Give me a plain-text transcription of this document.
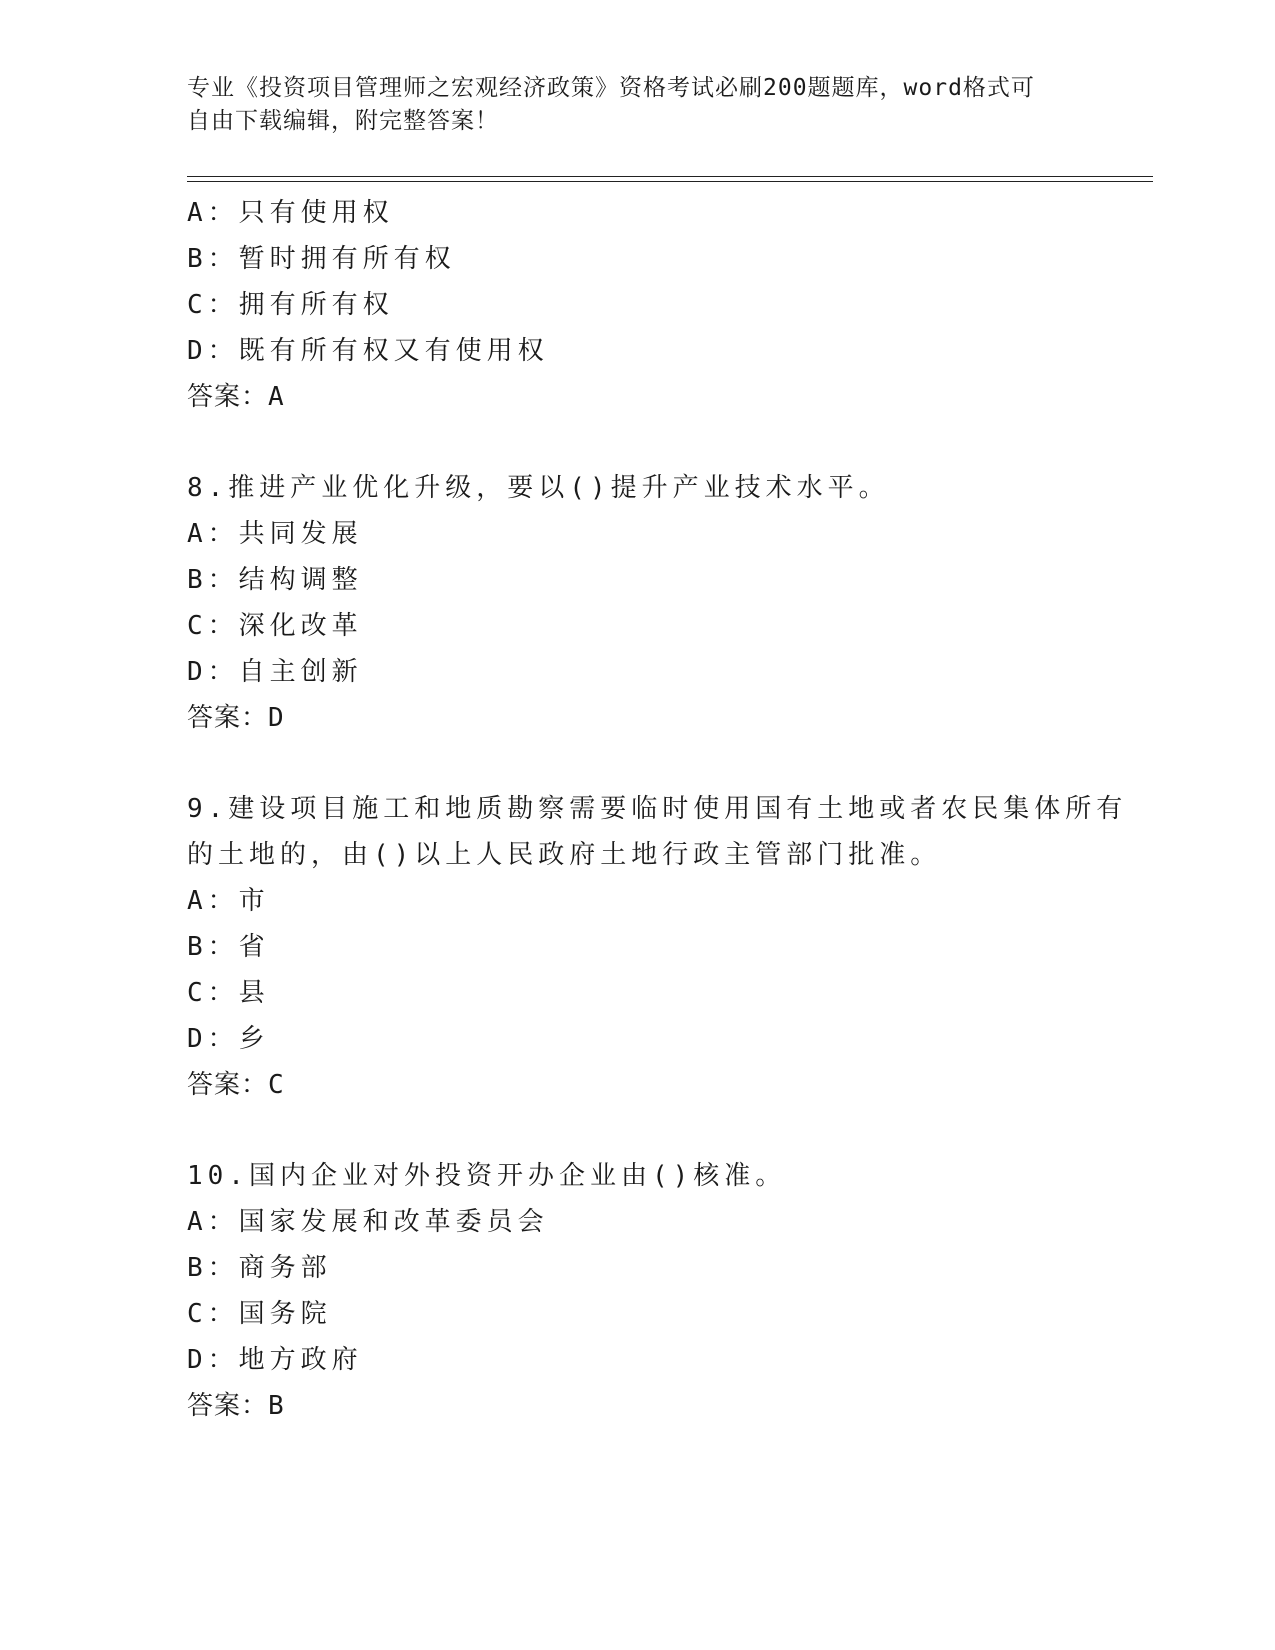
专业《投资项目管理师之宏观经济政策》资格考试必刷200题题库，word格式可
自由下载编辑，附完整答案！
A：只有使用权
B：暂时拥有所有权
C：拥有所有权
D：既有所有权又有使用权
答案：A
8.推进产业优化升级，要以()提升产业技术水平。
A：共同发展
B：结构调整
C：深化改革
D：自主创新
答案：D
9.建设项目施工和地质勘察需要临时使用国有土地或者农民集体所有
的土地的，由()以上人民政府土地行政主管部门批准。
A：市
B：省
C：县
D：乡
答案：C
10.国内企业对外投资开办企业由()核准。
A：国家发展和改革委员会
B：商务部
C：国务院
D：地方政府
答案：B
